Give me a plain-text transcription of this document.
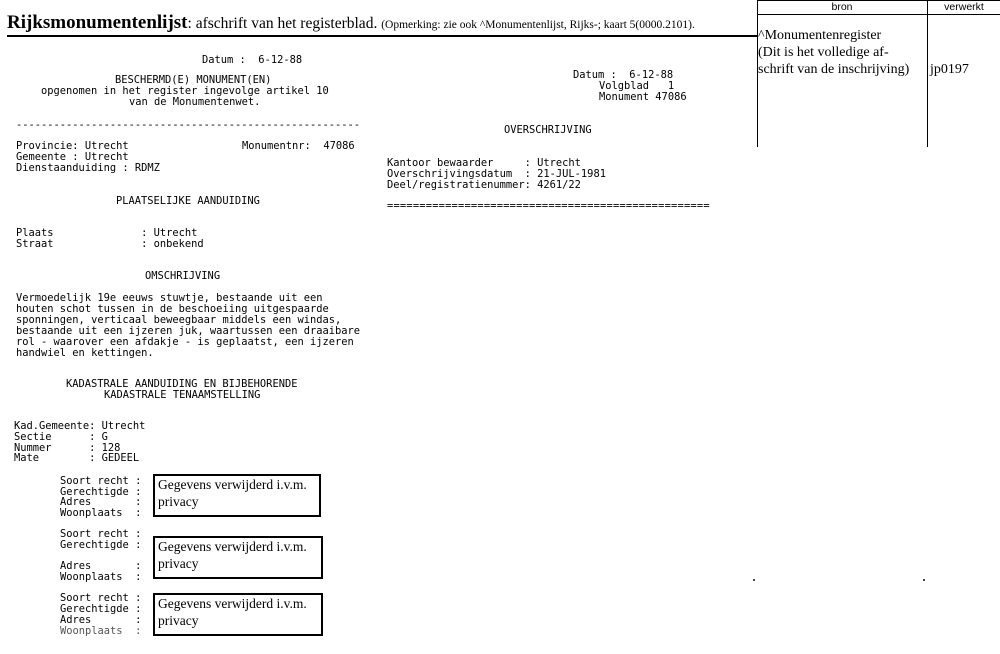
Rijksmonumentenlijst: afschrift van het registerblad. (Opmerking: zie ook ^Monumentenlijst, Rijks-; kaart 5(0000.2101).
bron	verwerkt
^Monumentenregister
(Dit is het volledige af-
schrift van de inschrijving) jp0197
Datum :  6-12-88
BESCHERMD(E) MONUMENT(EN)
opgenomen in het register ingevolge artikel 10
van de Monumentenwet.
-------------------------------------------------------
Provincie: Utrecht	Monumentnr:  47086
Gemeente : Utrecht
Dienstaanduiding : RDMZ
PLAATSELIJKE AANDUIDING
Plaats              : Utrecht
Straat              : onbekend
OMSCHRIJVING
Vermoedelijk 19e eeuws stuwtje, bestaande uit een
houten schot tussen in de beschoeiing uitgespaarde
sponningen, verticaal beweegbaar middels een windas,
bestaande uit een ijzeren juk, waartussen een draaibare
rol - waarover een afdakje - is geplaatst, een ijzeren
handwiel en kettingen.
KADASTRALE AANDUIDING EN BIJBEHORENDE
KADASTRALE TENAAMSTELLING
Kad.Gemeente: Utrecht
Sectie      : G
Nummer      : 128
Mate        : GEDEEL
Soort recht :
Gerechtigde :
Adres       :
Woonplaats  :
Gegevens verwijderd i.v.m.
privacy
Soort recht :
Gerechtigde :
Adres       :
Woonplaats  :
Gegevens verwijderd i.v.m.
privacy
Soort recht :
Gerechtigde :
Adres       :
Woonplaats  :
Gegevens verwijderd i.v.m.
privacy
Datum :  6-12-88
Volgblad   1
Monument 47086
OVERSCHRIJVING
Kantoor bewaarder     : Utrecht
Overschrijvingsdatum  : 21-JUL-1981
Deel/registratienummer: 4261/22
==================================================
